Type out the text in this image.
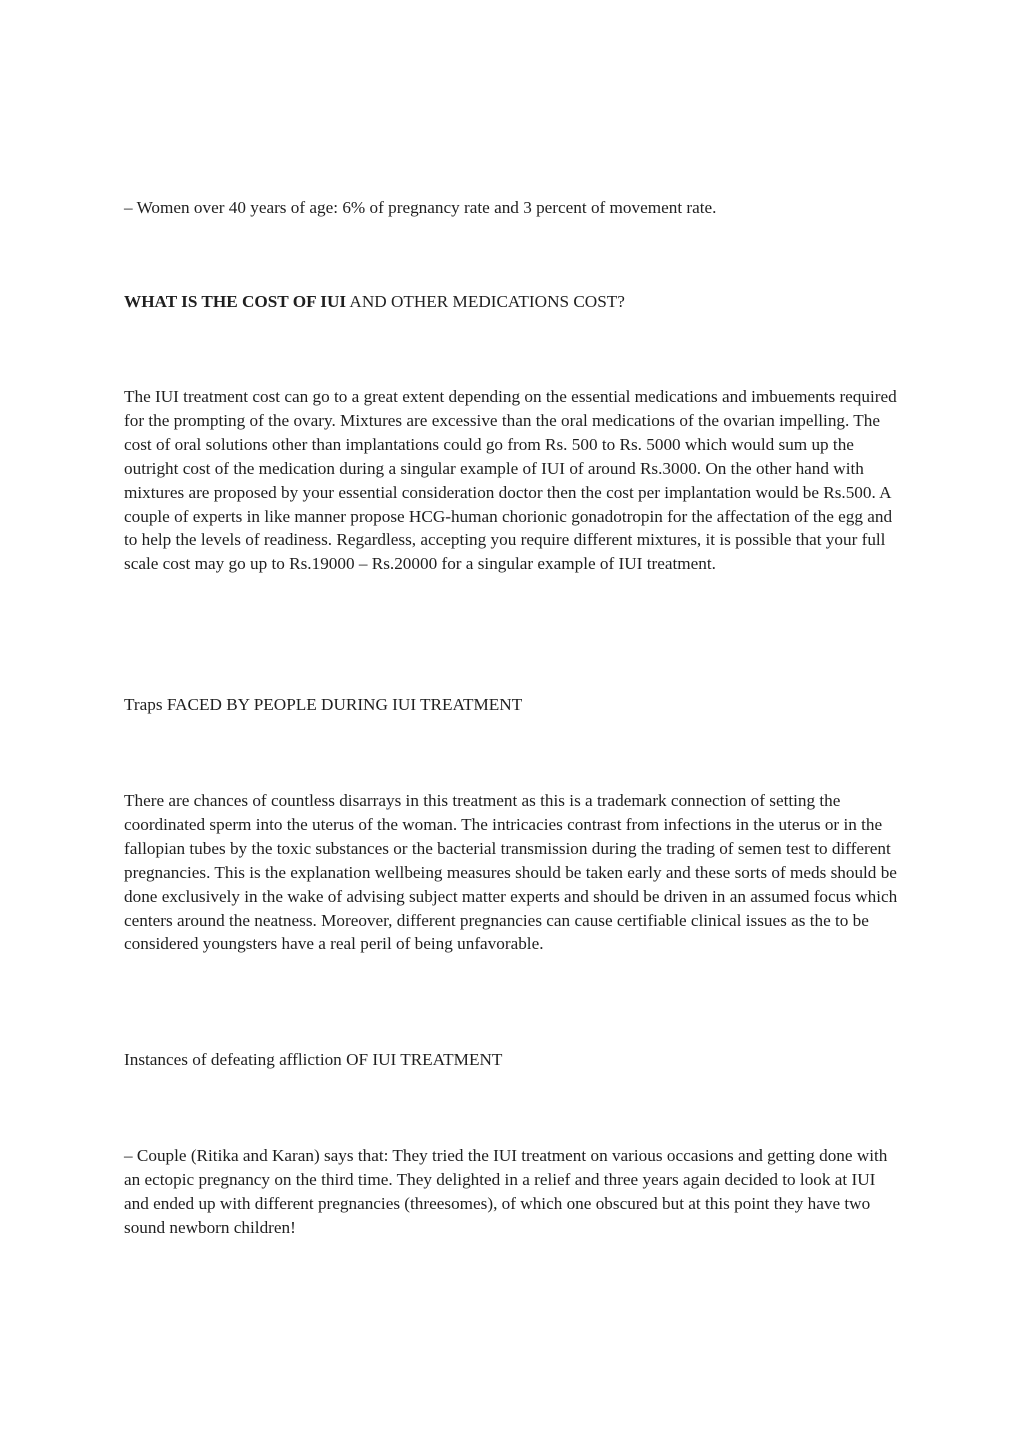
– Women over 40 years of age: 6% of pregnancy rate and 3 percent of movement rate.

WHAT IS THE COST OF IUI AND OTHER MEDICATIONS COST?

The IUI treatment cost can go to a great extent depending on the essential medications and imbuements required for the prompting of the ovary. Mixtures are excessive than the oral medications of the ovarian impelling. The cost of oral solutions other than implantations could go from Rs. 500 to Rs. 5000 which would sum up the outright cost of the medication during a singular example of IUI of around Rs.3000. On the other hand with mixtures are proposed by your essential consideration doctor then the cost per implantation would be Rs.500. A couple of experts in like manner propose HCG-human chorionic gonadotropin for the affectation of the egg and to help the levels of readiness. Regardless, accepting you require different mixtures, it is possible that your full scale cost may go up to Rs.19000 – Rs.20000 for a singular example of IUI treatment.

Traps FACED BY PEOPLE DURING IUI TREATMENT

There are chances of countless disarrays in this treatment as this is a trademark connection of setting the coordinated sperm into the uterus of the woman. The intricacies contrast from infections in the uterus or in the fallopian tubes by the toxic substances or the bacterial transmission during the trading of semen test to different pregnancies. This is the explanation wellbeing measures should be taken early and these sorts of meds should be done exclusively in the wake of advising subject matter experts and should be driven in an assumed focus which centers around the neatness. Moreover, different pregnancies can cause certifiable clinical issues as the to be considered youngsters have a real peril of being unfavorable.

Instances of defeating affliction OF IUI TREATMENT

– Couple (Ritika and Karan) says that: They tried the IUI treatment on various occasions and getting done with an ectopic pregnancy on the third time. They delighted in a relief and three years again decided to look at IUI and ended up with different pregnancies (threesomes), of which one obscured but at this point they have two sound newborn children!
